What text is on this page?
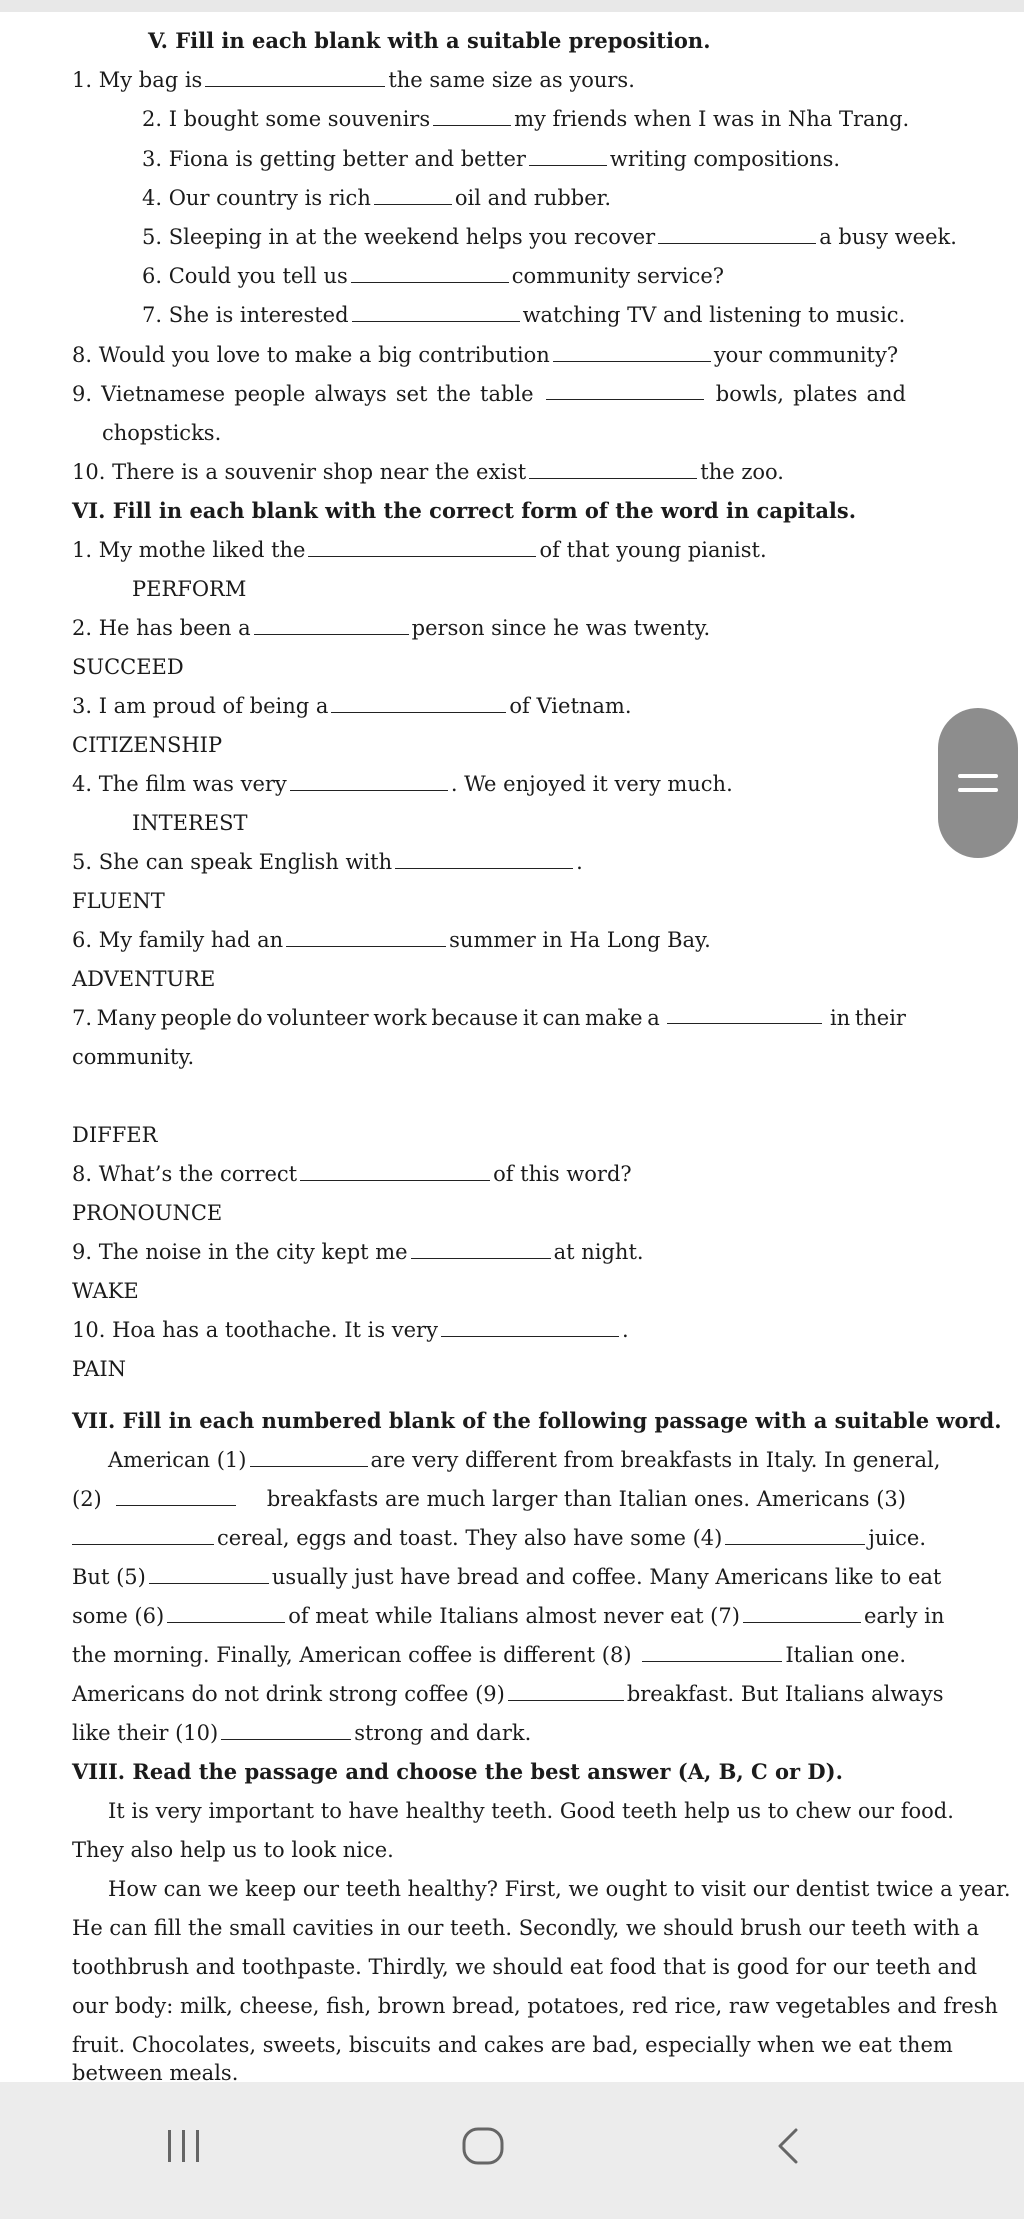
V. Fill in each blank with a suitable preposition.
1. My bag is	the same size as yours.
2. I bought some souvenirs	my friends when I was in Nha Trang.
3. Fiona is getting better and better	writing compositions.
4. Our country is rich	oil and rubber.
5. Sleeping in at the weekend helps you recover	a busy week.
6. Could you tell us	community service?
7. She is interested	watching TV and listening to music.
8. Would you love to make a big contribution	your community?
9. Vietnamese people always set the table	bowls, plates and
chopsticks.
10. There is a souvenir shop near the exist	the zoo.
VI. Fill in each blank with the correct form of the word in capitals.
1. My mothe liked the	of that young pianist.
PERFORM
2. He has been a	person since he was twenty.
SUCCEED
3. I am proud of being a	of Vietnam.
CITIZENSHIP
4. The film was very	. We enjoyed it very much.
INTEREST
5. She can speak English with	.
FLUENT
6. My family had an	summer in Ha Long Bay.
ADVENTURE
7. Many people do volunteer work because it can make a	in their
community.
DIFFER
8. What’s the correct	of this word?
PRONOUNCE
9. The noise in the city kept me	at night.
WAKE
10. Hoa has a toothache. It is very	.
PAIN
VII. Fill in each numbered blank of the following passage with a suitable word.
American (1)	are very different from breakfasts in Italy. In general,
(2)	breakfasts are much larger than Italian ones. Americans (3)
cereal, eggs and toast. They also have some (4)	juice.
But (5)	usually just have bread and coffee. Many Americans like to eat
some (6)	of meat while Italians almost never eat (7)	early in
the morning. Finally, American coffee is different (8)	Italian one.
Americans do not drink strong coffee (9)	breakfast. But Italians always
like their (10)	strong and dark.
VIII. Read the passage and choose the best answer (A, B, C or D).
It is very important to have healthy teeth. Good teeth help us to chew our food.
They also help us to look nice.
How can we keep our teeth healthy? First, we ought to visit our dentist twice a year.
He can fill the small cavities in our teeth. Secondly, we should brush our teeth with a
toothbrush and toothpaste. Thirdly, we should eat food that is good for our teeth and
our body: milk, cheese, fish, brown bread, potatoes, red rice, raw vegetables and fresh
fruit. Chocolates, sweets, biscuits and cakes are bad, especially when we eat them
between meals.
